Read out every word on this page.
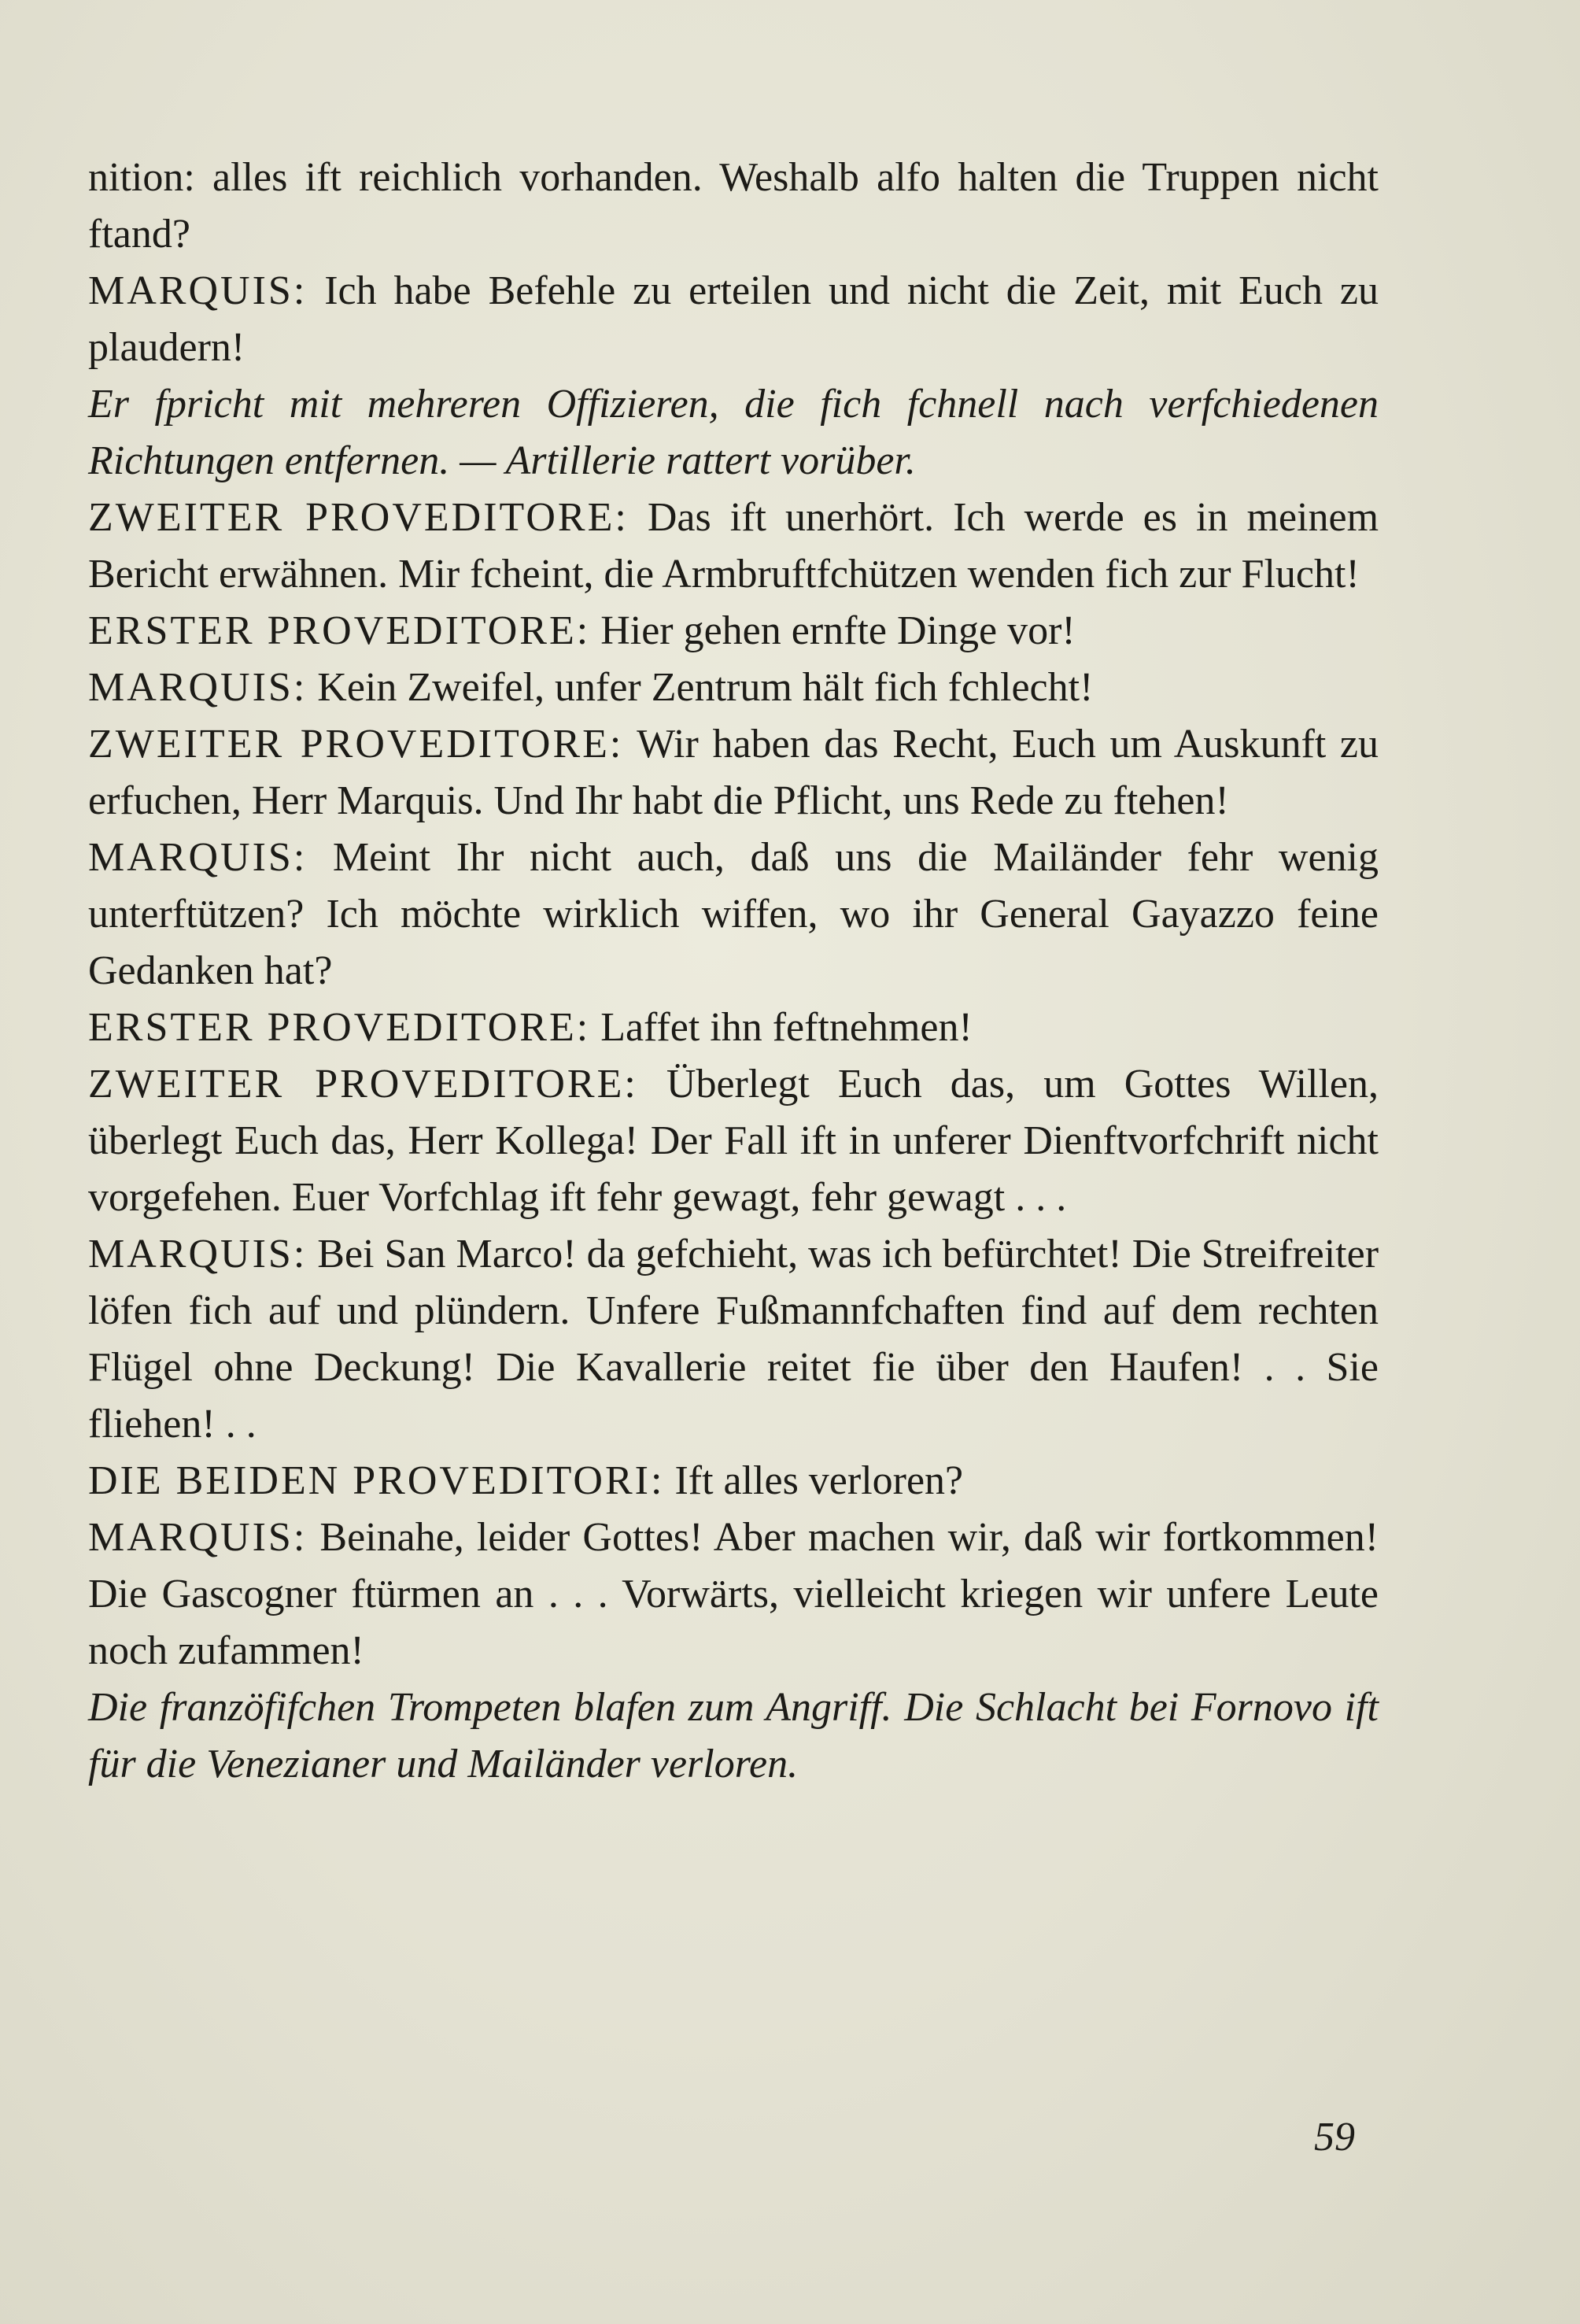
nition: alles ift reichlich vorhanden. Weshalb alfo halten die Truppen nicht ftand?

MARQUIS: Ich habe Befehle zu erteilen und nicht die Zeit, mit Euch zu plaudern!

Er fpricht mit mehreren Offizieren, die fich fchnell nach verfchiedenen Richtungen entfernen. — Artillerie rattert vorüber.

ZWEITER PROVEDITORE: Das ift unerhört. Ich werde es in meinem Bericht erwähnen. Mir fcheint, die Armbruftfchützen wenden fich zur Flucht!

ERSTER PROVEDITORE: Hier gehen ernfte Dinge vor!

MARQUIS: Kein Zweifel, unfer Zentrum hält fich fchlecht!

ZWEITER PROVEDITORE: Wir haben das Recht, Euch um Auskunft zu erfuchen, Herr Marquis. Und Ihr habt die Pflicht, uns Rede zu ftehen!

MARQUIS: Meint Ihr nicht auch, daß uns die Mailänder fehr wenig unterftützen? Ich möchte wirklich wiffen, wo ihr General Gayazzo feine Gedanken hat?

ERSTER PROVEDITORE: Laffet ihn feftnehmen!

ZWEITER PROVEDITORE: Überlegt Euch das, um Gottes Willen, überlegt Euch das, Herr Kollega! Der Fall ift in unferer Dienftvorfchrift nicht vorgefehen. Euer Vorfchlag ift fehr gewagt, fehr gewagt . . .

MARQUIS: Bei San Marco! da gefchieht, was ich befürchtet! Die Streifreiter löfen fich auf und plündern. Unfere Fußmannfchaften find auf dem rechten Flügel ohne Deckung! Die Kavallerie reitet fie über den Haufen! . . Sie fliehen! . .

DIE BEIDEN PROVEDITORI: Ift alles verloren?

MARQUIS: Beinahe, leider Gottes! Aber machen wir, daß wir fortkommen! Die Gascogner ftürmen an . . . Vorwärts, vielleicht kriegen wir unfere Leute noch zufammen!

Die franzöfifchen Trompeten blafen zum Angriff. Die Schlacht bei Fornovo ift für die Venezianer und Mailänder verloren.

59
